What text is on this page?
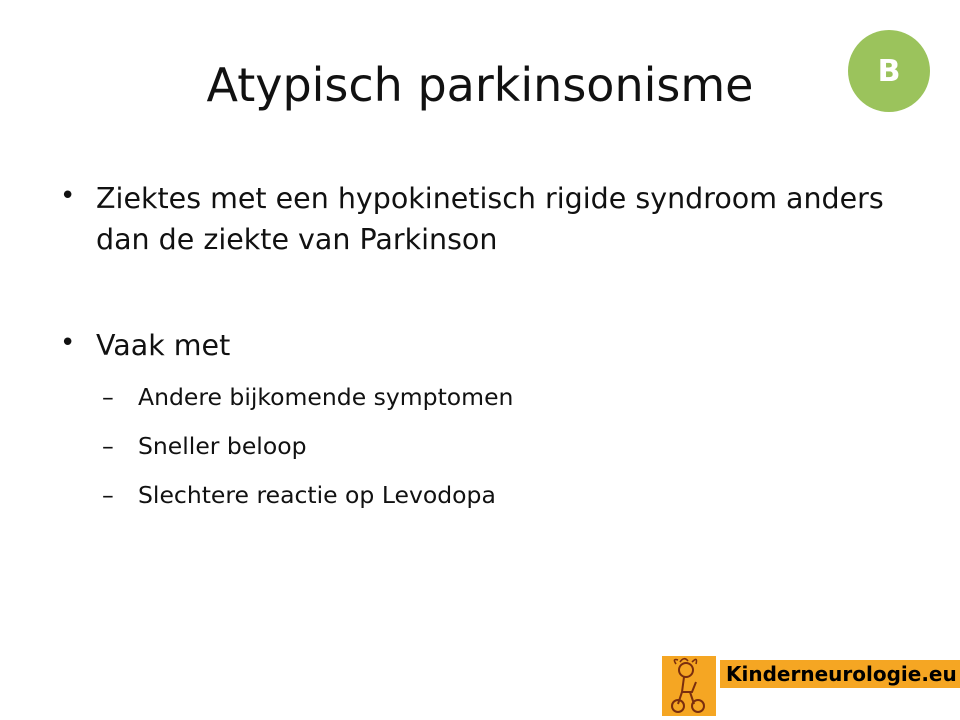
Atypisch parkinsonisme	B
• Ziektes met een hypokinetisch rigide syndroom anders dan de ziekte van Parkinson
• Vaak met
– Andere bijkomende symptomen
– Sneller beloop
– Slechtere reactie op Levodopa
Kinderneurologie.eu
